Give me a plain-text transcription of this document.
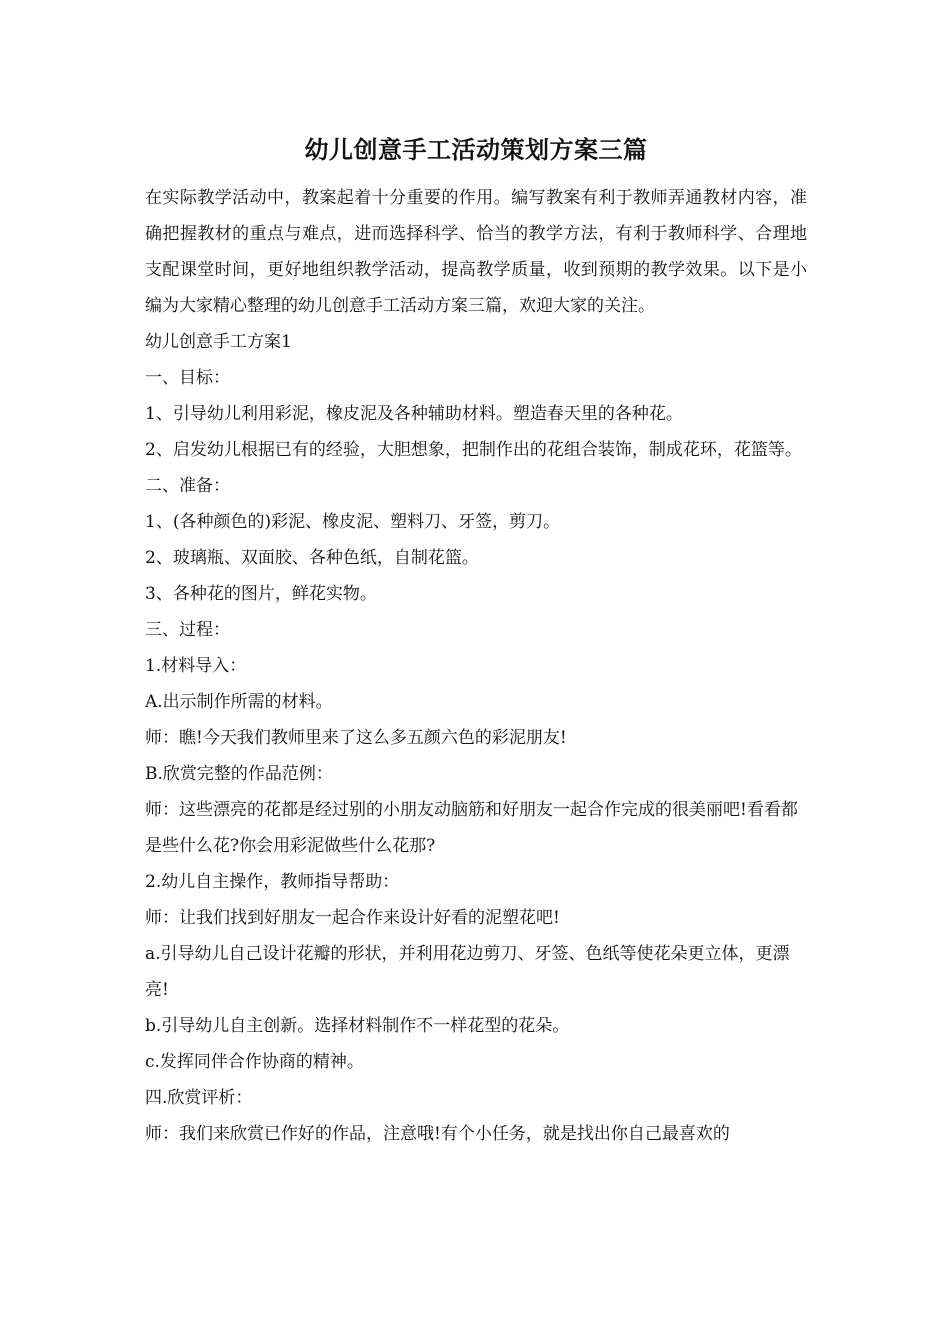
幼儿创意手工活动策划方案三篇

在实际教学活动中，教案起着十分重要的作用。编写教案有利于教师弄通教材内容，准确把握教材的重点与难点，进而选择科学、恰当的教学方法，有利于教师科学、合理地支配课堂时间，更好地组织教学活动，提高教学质量，收到预期的教学效果。以下是小编为大家精心整理的幼儿创意手工活动方案三篇，欢迎大家的关注。

幼儿创意手工方案1

一、目标：

1、引导幼儿利用彩泥，橡皮泥及各种辅助材料。塑造春天里的各种花。

2、启发幼儿根据已有的经验，大胆想象，把制作出的花组合装饰，制成花环，花篮等。

二、准备：

1、(各种颜色的)彩泥、橡皮泥、塑料刀、牙签，剪刀。

2、玻璃瓶、双面胶、各种色纸，自制花篮。

3、各种花的图片，鲜花实物。

三、过程：

1.材料导入：

A.出示制作所需的材料。

师：瞧!今天我们教师里来了这么多五颜六色的彩泥朋友!

B.欣赏完整的作品范例：

师：这些漂亮的花都是经过别的小朋友动脑筋和好朋友一起合作完成的很美丽吧!看看都是些什么花?你会用彩泥做些什么花那?

2.幼儿自主操作，教师指导帮助：

师：让我们找到好朋友一起合作来设计好看的泥塑花吧!

a.引导幼儿自己设计花瓣的形状，并利用花边剪刀、牙签、色纸等使花朵更立体，更漂亮!

b.引导幼儿自主创新。选择材料制作不一样花型的花朵。

c.发挥同伴合作协商的精神。

四.欣赏评析：

师：我们来欣赏已作好的作品，注意哦!有个小任务，就是找出你自己最喜欢的
